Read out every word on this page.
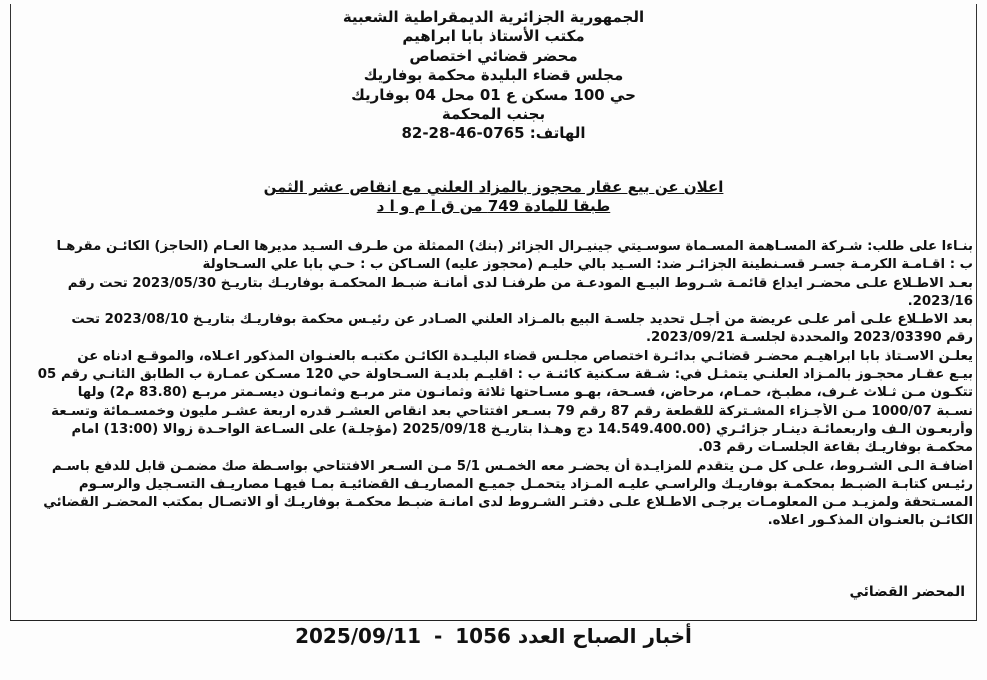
الجمهورية الجزائرية الديمقراطية الشعبية
مكتب الأستاذ بابا ابراهيم
محضر قضائي اختصاص
مجلس قضاء البليدة محكمة بوفاريك
حي 100 مسكن ع 01 محل 04 بوفاريك
بجنب المحكمة
الهاتف: 0765-46-28-82
اعلان عن بيع عقار محجوز بالمزاد العلني مع انقاص عشر الثمن
طبقا للمادة 749 من ق ا م و ا د

بنـاءا على طلب: شـركة المسـاهمة المسـماة سوسـيتي جينيـرال الجزائر (بنك) الممثلة من طـرف السـيد مديرها العـام (الحاجز) الكائـن مقرهـا

ب : اقـامـة الكرمـة جسـر قسـنطينة الجزائـر ضد: السـيد بالي حليـم (محجوز عليه) السـاكن ب : حـي بابا علي السـحاولة

بعـد الاطـلاع علـى محضـر ايداع قائمـة شـروط البيـع المودعـة من طرفنـا لدى أمانـة ضبـط المحكمـة بوفاريـك بتاريـخ 2023/05/30 تحت رقم

2023/16.

بعد الاطـلاع علـى أمر علـى عريضة من أجـل تحديد جلسـة البيع بالمـزاد العلني الصـادر عن رئيـس محكمة بوفاريـك بتاريـخ 2023/08/10 تحت

رقم 2023/03390 والمحددة لجلسـة 2023/09/21.

يعلـن الاسـتاذ بابا ابراهيـم محضـر قضائـي بدائـرة اختصاص مجلـس قضاء البليـدة الكائـن مكتبـه بالعنـوان المذكور اعـلاه، والموقـع ادناه عن

بيـع عقـار محجـوز بالمـزاد العلنـي يتمثـل في: شـقة سـكنية كائنـة ب : اقليـم بلديـة السـحاولة حي 120 مسـكن عمـارة ب الطابق الثانـي رقم 05

تتكـون مـن ثـلاث غـرف، مطبـخ، حمـام، مرحاض، فسـحة، بهـو مسـاحتها ثلاثة وثمانـون متر مربـع وثمانـون ديسـمتر مربـع (83.80 م2) ولها

نسـبة 1000/07 مـن الأجـزاء المشـتركة للقطعة رقم 87 رقم 79 بسـعر افتتاحي بعد انقاص العشـر قدره اربعة عشـر مليون وخمسـمائة وتسـعة

وأربعـون الـف واربعمائـة دينـار جزائـري (14.549.400.00 دج وهـذا بتاريـخ 2025/09/18 (مؤجلـة) على السـاعة الواحـدة زوالا (13:00) امام

محكمـة بوفاريـك بقاعة الجلسـات رقم 03.

اضافـة الـى الشـروط، علـى كل مـن يتقدم للمزايـدة أن يحضـر معه الخمـس 5/1 مـن السـعر الافتتاحي بواسـطة صك مضمـن قابل للدفع باسـم

رئيـس كتابـة الضبـط بمحكمـة بوفاريـك والراسـي عليـه المـزاد يتحمـل جميـع المصاريـف القضائيـة بمـا فيهـا مصاريـف التسـجيل والرسـوم

المسـتحقة ولمزيـد مـن المعلومـات يرجـى الاطـلاع علـى دفتـر الشـروط لدى امانـة ضبـط محكمـة بوفاريـك أو الاتصـال بمكتب المحضـر القضائي

الكائـن بالعنـوان المذكـور اعلاه.

المحضر القضائي
أخبار الصباح العدد 1056 - 2025/09/11
